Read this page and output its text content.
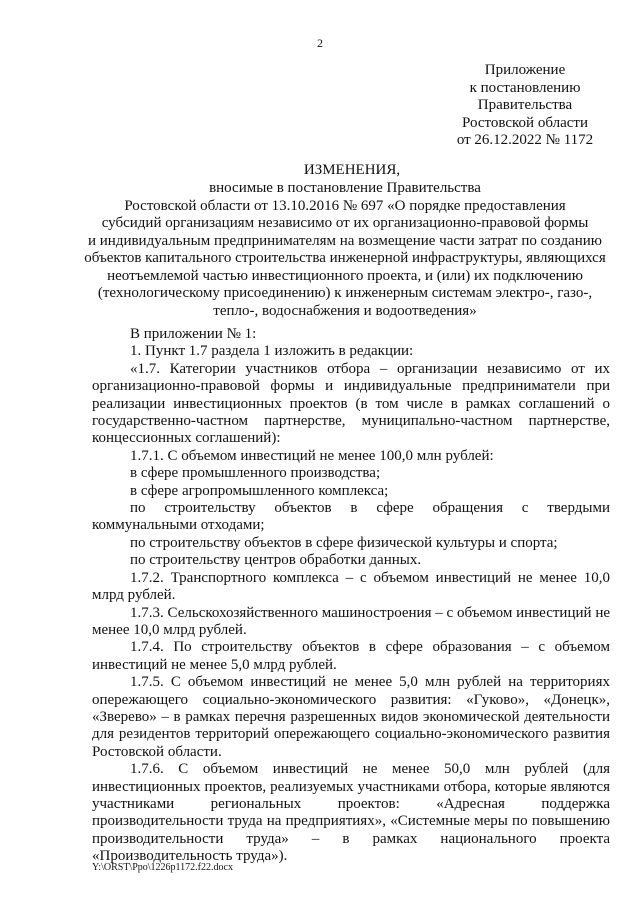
2
Приложение
к постановлению
Правительства
Ростовской области
от 26.12.2022 № 1172
ИЗМЕНЕНИЯ,
вносимые в постановление Правительства
Ростовской области от 13.10.2016 № 697 «О порядке предоставления
субсидий организациям независимо от их организационно-правовой формы
и индивидуальным предпринимателям на возмещение части затрат по созданию
объектов капитального строительства инженерной инфраструктуры, являющихся
неотъемлемой частью инвестиционного проекта, и (или) их подключению
(технологическому присоединению) к инженерным системам электро-, газо-,
тепло-, водоснабжения и водоотведения»

В приложении № 1:

1. Пункт 1.7 раздела 1 изложить в редакции:

«1.7. Категории участников отбора – организации независимо от их организационно-правовой формы и индивидуальные предприниматели при реализации инвестиционных проектов (в том числе в рамках соглашений о государственно-частном партнерстве, муниципально-частном партнерстве, концессионных соглашений):

1.7.1. С объемом инвестиций не менее 100,0 млн рублей:

в сфере промышленного производства;

в сфере агропромышленного комплекса;

по строительству объектов в сфере обращения с твердыми коммунальными отходами;

по строительству объектов в сфере физической культуры и спорта;

по строительству центров обработки данных.

1.7.2. Транспортного комплекса – с объемом инвестиций не менее 10,0 млрд рублей.

1.7.3. Сельскохозяйственного машиностроения – с объемом инвестиций не менее 10,0 млрд рублей.

1.7.4. По строительству объектов в сфере образования – с объемом инвестиций не менее 5,0 млрд рублей.

1.7.5. С объемом инвестиций не менее 5,0 млн рублей на территориях опережающего социально-экономического развития: «Гуково», «Донецк», «Зверево» – в рамках перечня разрешенных видов экономической деятельности для резидентов территорий опережающего социально-экономического развития Ростовской области.

1.7.6. С объемом инвестиций не менее 50,0 млн рублей (для инвестиционных проектов, реализуемых участниками отбора, которые являются участниками региональных проектов: «Адресная поддержка производительности труда на предприятиях», «Системные меры по повышению производительности труда» – в рамках национального проекта «Производительность труда»).

Y:\ORST\Ppo\1226p1172.f22.docx
